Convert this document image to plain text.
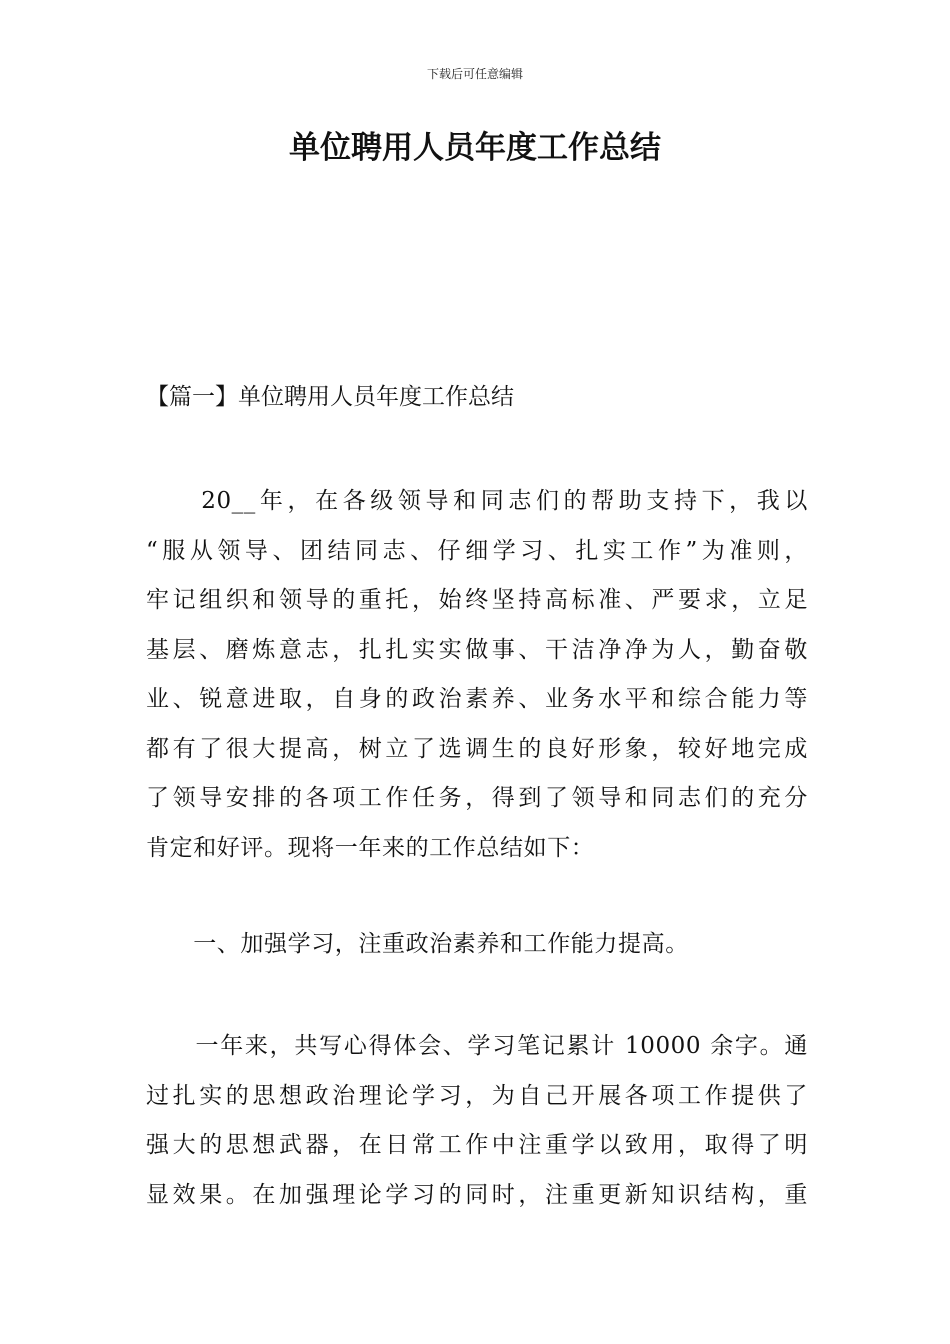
下载后可任意编辑
单位聘用人员年度工作总结
【篇一】单位聘用人员年度工作总结
　　20__年，在各级领导和同志们的帮助支持下，我以
“服从领导、团结同志、仔细学习、扎实工作”为准则，
牢记组织和领导的重托，始终坚持高标准、严要求，立足
基层、磨炼意志，扎扎实实做事、干洁净净为人，勤奋敬
业、锐意进取，自身的政治素养、业务水平和综合能力等
都有了很大提高，树立了选调生的良好形象，较好地完成
了领导安排的各项工作任务，得到了领导和同志们的充分
肯定和好评。现将一年来的工作总结如下：
　　一、加强学习，注重政治素养和工作能力提高。
　　一年来，共写心得体会、学习笔记累计 10000 余字。通
过扎实的思想政治理论学习，为自己开展各项工作提供了
强大的思想武器，在日常工作中注重学以致用，取得了明
显效果。在加强理论学习的同时，注重更新知识结构，重
